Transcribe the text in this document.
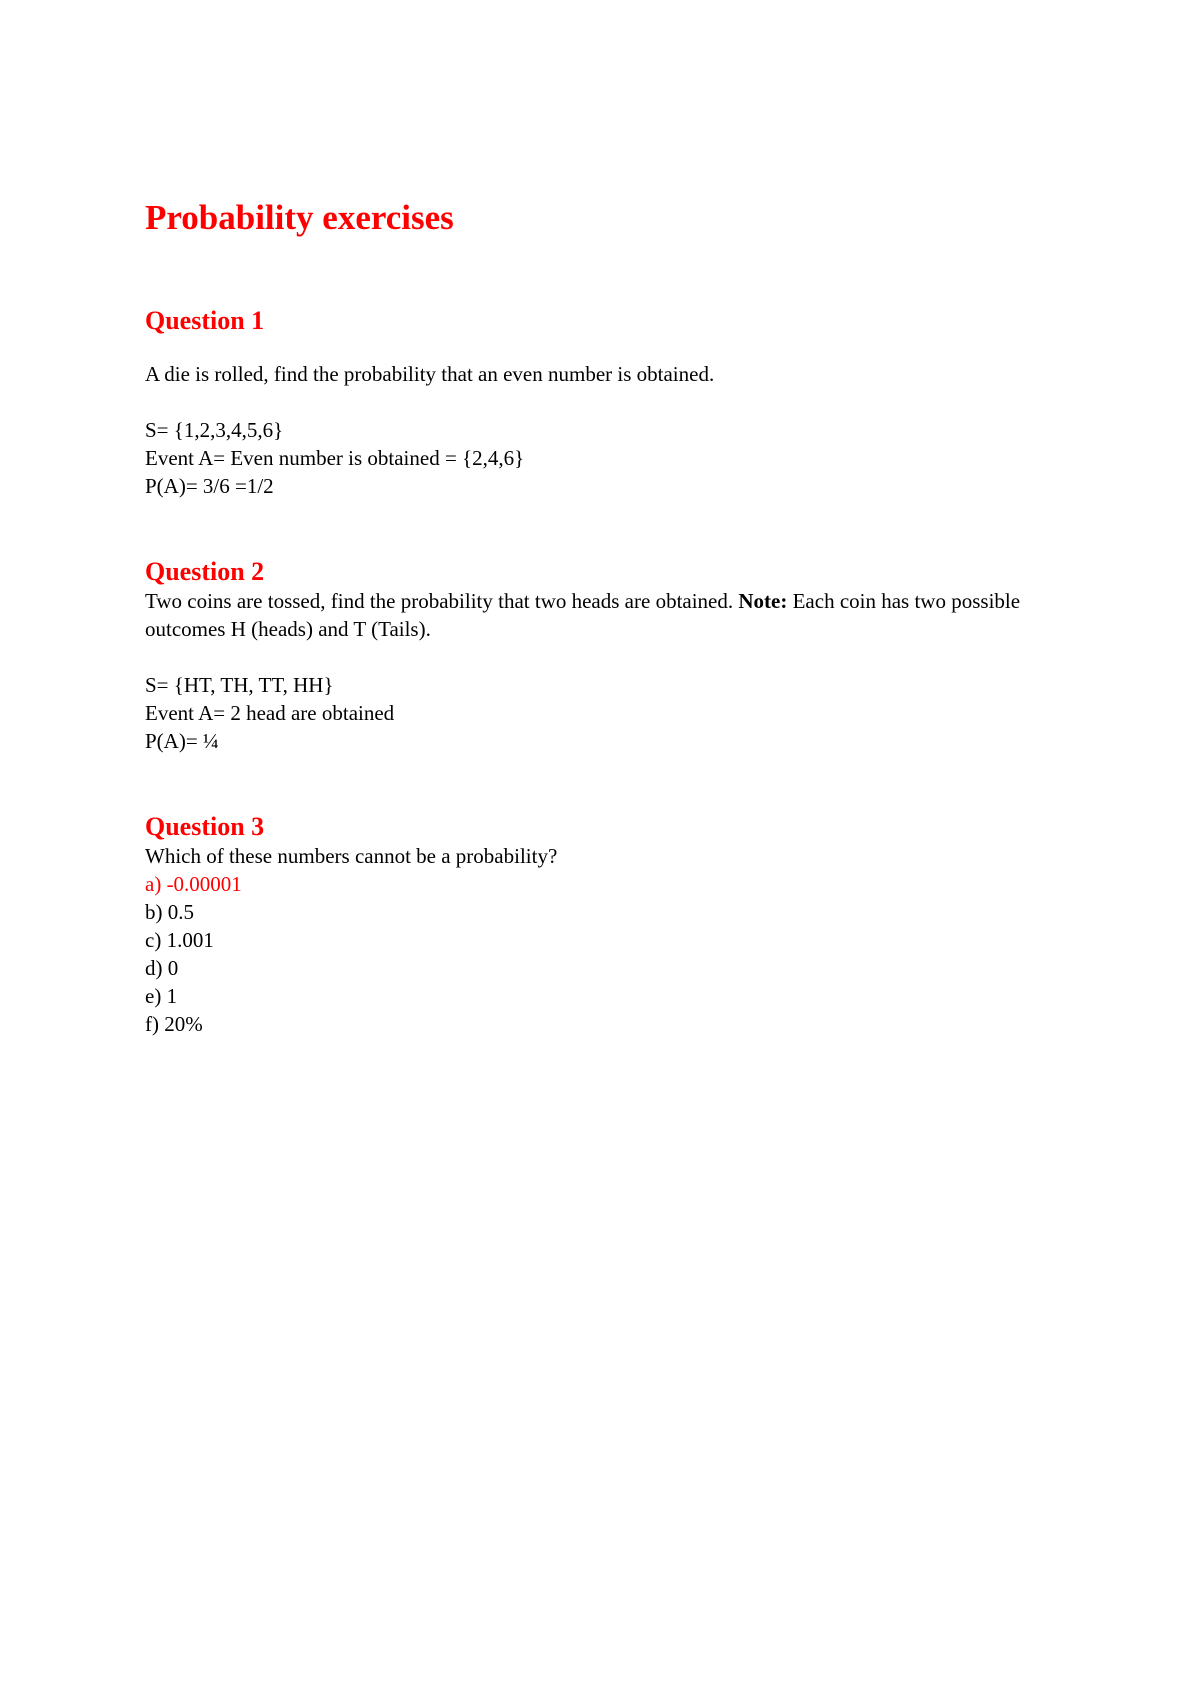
Probability exercises
Question 1

A die is rolled, find the probability that an even number is obtained.

S= {1,2,3,4,5,6}

Event A= Even number is obtained = {2,4,6}

P(A)= 3/6 =1/2

Question 2

Two coins are tossed, find the probability that two heads are obtained. Note: Each coin has two possible outcomes H (heads) and T (Tails).

S= {HT, TH, TT, HH}

Event A= 2 head are obtained

P(A)= ¼

Question 3

Which of these numbers cannot be a probability?

a) -0.00001

b) 0.5

c) 1.001

d) 0

e) 1

f) 20%
